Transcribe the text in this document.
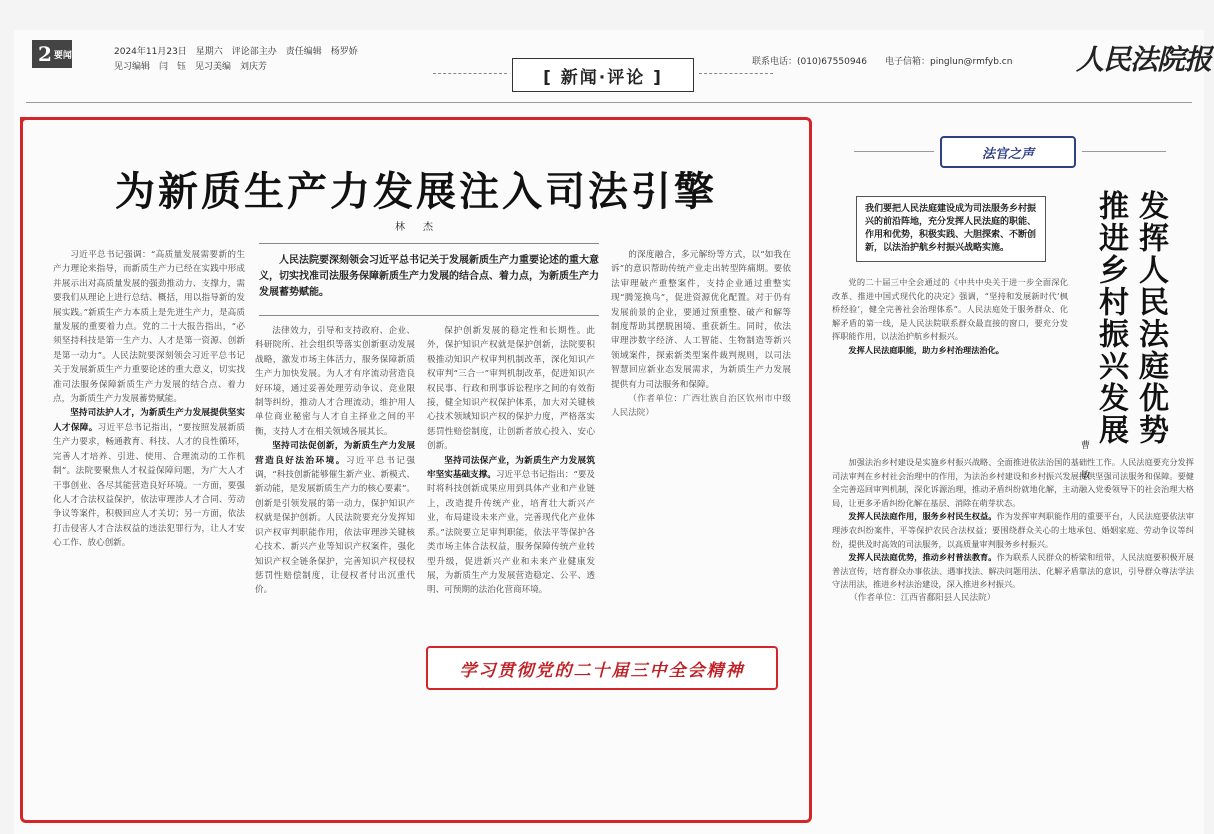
2 要闻	2024年11月23日　星期六　评论部主办　责任编辑　杨罗娇
见习编辑　闫　钰　见习美编　刘庆芳	联系电话：(010)67550946　　电子信箱：pinglun@rmfyb.cn
[ 新闻·评论 ]
人民法院报
为新质生产力发展注入司法引擎
林　杰
人民法院要深刻领会习近平总书记关于发展新质生产力重要论述的重大意义，切实找准司法服务保障新质生产力发展的结合点、着力点，为新质生产力发展蓄势赋能。

习近平总书记强调：“高质量发展需要新的生产力理论来指导，而新质生产力已经在实践中形成并展示出对高质量发展的强劲推动力、支撑力，需要我们从理论上进行总结、概括，用以指导新的发展实践。”新质生产力本质上是先进生产力，是高质量发展的重要着力点。党的二十大报告指出，“必须坚持科技是第一生产力、人才是第一资源、创新是第一动力”。人民法院要深刻领会习近平总书记关于发展新质生产力重要论述的重大意义，切实找准司法服务保障新质生产力发展的结合点、着力点，为新质生产力发展蓄势赋能。

坚持司法护人才，为新质生产力发展提供坚实人才保障。习近平总书记指出，“要按照发展新质生产力要求，畅通教育、科技、人才的良性循环，完善人才培养、引进、使用、合理流动的工作机制”。法院要聚焦人才权益保障问题，为广大人才干事创业、各尽其能营造良好环境。一方面，要强化人才合法权益保护，依法审理涉人才合同、劳动争议等案件，积极回应人才关切；另一方面，依法打击侵害人才合法权益的违法犯罪行为，让人才安心工作、放心创新。

法律效力，引导和支持政府、企业、科研院所、社会组织等落实创新驱动发展战略，激发市场主体活力，服务保障新质生产力加快发展。为人才有序流动营造良好环境，通过妥善处理劳动争议、竞业限制等纠纷，推动人才合理流动，维护用人单位商业秘密与人才自主择业之间的平衡，支持人才在相关领域各展其长。

坚持司法促创新，为新质生产力发展营造良好法治环境。习近平总书记强调，“科技创新能够催生新产业、新模式、新动能，是发展新质生产力的核心要素”。创新是引领发展的第一动力，保护知识产权就是保护创新。人民法院要充分发挥知识产权审判职能作用，依法审理涉关键核心技术、新兴产业等知识产权案件，强化知识产权全链条保护，完善知识产权侵权惩罚性赔偿制度，让侵权者付出沉重代价。

保护创新发展的稳定性和长期性。此外，保护知识产权就是保护创新，法院要积极推动知识产权审判机制改革，深化知识产权审判“三合一”审判机制改革，促进知识产权民事、行政和刑事诉讼程序之间的有效衔接，健全知识产权保护体系，加大对关键核心技术领域知识产权的保护力度，严格落实惩罚性赔偿制度，让创新者放心投入、安心创新。

坚持司法保产业，为新质生产力发展筑牢坚实基础支撑。习近平总书记指出：“要及时将科技创新成果应用到具体产业和产业链上，改造提升传统产业，培育壮大新兴产业，布局建设未来产业，完善现代化产业体系。”法院要立足审判职能，依法平等保护各类市场主体合法权益，服务保障传统产业转型升级，促进新兴产业和未来产业健康发展，为新质生产力发展营造稳定、公平、透明、可预期的法治化营商环境。

的深度融合，多元解纷等方式，以“如我在诉”的意识帮助传统产业走出转型阵痛期。要依法审理破产重整案件，支持企业通过重整实现“腾笼换鸟”，促进资源优化配置。对于仍有发展前景的企业，要通过预重整、破产和解等制度帮助其摆脱困境、重获新生。同时，依法审理涉数字经济、人工智能、生物制造等新兴领域案件，探索新类型案件裁判规则，以司法智慧回应新业态发展需求，为新质生产力发展提供有力司法服务和保障。

（作者单位：广西壮族自治区钦州市中级人民法院）

学习贯彻党的二十届三中全会精神
法官之声
我们要把人民法庭建设成为司法服务乡村振兴的前沿阵地，充分发挥人民法庭的职能、作用和优势，积极实践、大胆探索、不断创新，以法治护航乡村振兴战略实施。	发挥人民法庭优势
推进乡村振兴发展
曹　敏

党的二十届三中全会通过的《中共中央关于进一步全面深化改革、推进中国式现代化的决定》强调，“坚持和发展新时代‘枫桥经验’，健全完善社会治理体系”。人民法庭处于服务群众、化解矛盾的第一线，是人民法院联系群众最直接的窗口，要充分发挥职能作用，以法治护航乡村振兴。

发挥人民法庭职能，助力乡村治理法治化。

加强法治乡村建设是实施乡村振兴战略、全面推进依法治国的基础性工作。人民法庭要充分发挥司法审判在乡村社会治理中的作用，为法治乡村建设和乡村振兴发展提供坚强司法服务和保障。要健全完善巡回审判机制，深化诉源治理，推动矛盾纠纷就地化解，主动融入党委领导下的社会治理大格局，让更多矛盾纠纷化解在基层、消除在萌芽状态。

发挥人民法庭作用，服务乡村民生权益。作为发挥审判职能作用的重要平台，人民法庭要依法审理涉农纠纷案件，平等保护农民合法权益；要围绕群众关心的土地承包、婚姻家庭、劳动争议等纠纷，提供及时高效的司法服务，以高质量审判服务乡村振兴。

发挥人民法庭优势，推动乡村普法教育。作为联系人民群众的桥梁和纽带，人民法庭要积极开展普法宣传，培育群众办事依法、遇事找法、解决问题用法、化解矛盾靠法的意识，引导群众尊法学法守法用法，推进乡村法治建设，深入推进乡村振兴。

（作者单位：江西省鄱阳县人民法院）
